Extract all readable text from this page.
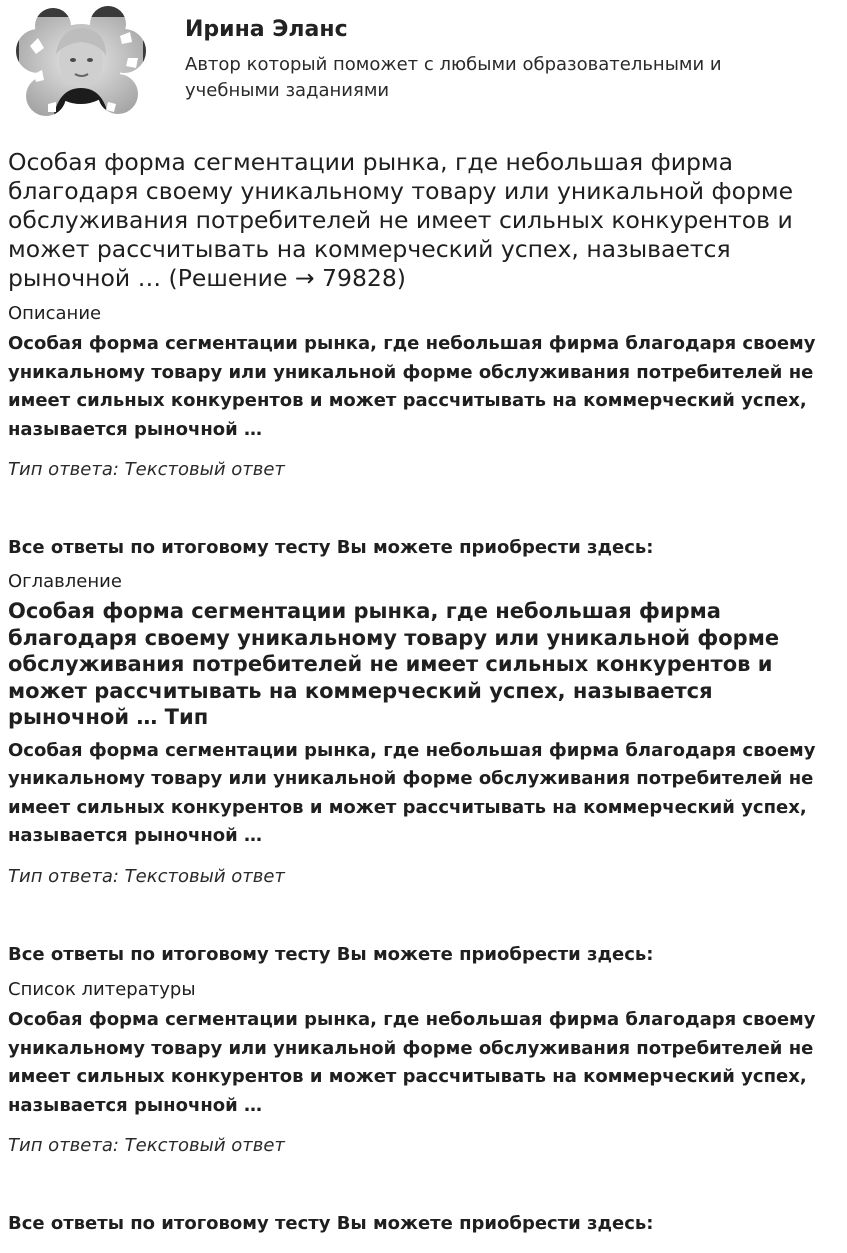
Ирина Эланс
Автор который поможет с любыми образовательными и учебными заданиями
Особая форма сегментации рынка, где небольшая фирма благодаря своему уникальному товару или уникальной форме обслуживания потребителей не имеет сильных конкурентов и может рассчитывать на коммерческий успех, называется рыночной … (Решение → 79828)
Описание
Особая форма сегментации рынка, где небольшая фирма благодаря своему уникальному товару или уникальной форме обслуживания потребителей не имеет сильных конкурентов и может рассчитывать на коммерческий успех, называется рыночной …
Тип ответа: Текстовый ответ
Все ответы по итоговому тесту Вы можете приобрести здесь:
Оглавление
Особая форма сегментации рынка, где небольшая фирма благодаря своему уникальному товару или уникальной форме обслуживания потребителей не имеет сильных конкурентов и может рассчитывать на коммерческий успех, называется рыночной … Тип
Особая форма сегментации рынка, где небольшая фирма благодаря своему уникальному товару или уникальной форме обслуживания потребителей не имеет сильных конкурентов и может рассчитывать на коммерческий успех, называется рыночной …
Тип ответа: Текстовый ответ
Все ответы по итоговому тесту Вы можете приобрести здесь:
Список литературы
Особая форма сегментации рынка, где небольшая фирма благодаря своему уникальному товару или уникальной форме обслуживания потребителей не имеет сильных конкурентов и может рассчитывать на коммерческий успех, называется рыночной …
Тип ответа: Текстовый ответ
Все ответы по итоговому тесту Вы можете приобрести здесь:
